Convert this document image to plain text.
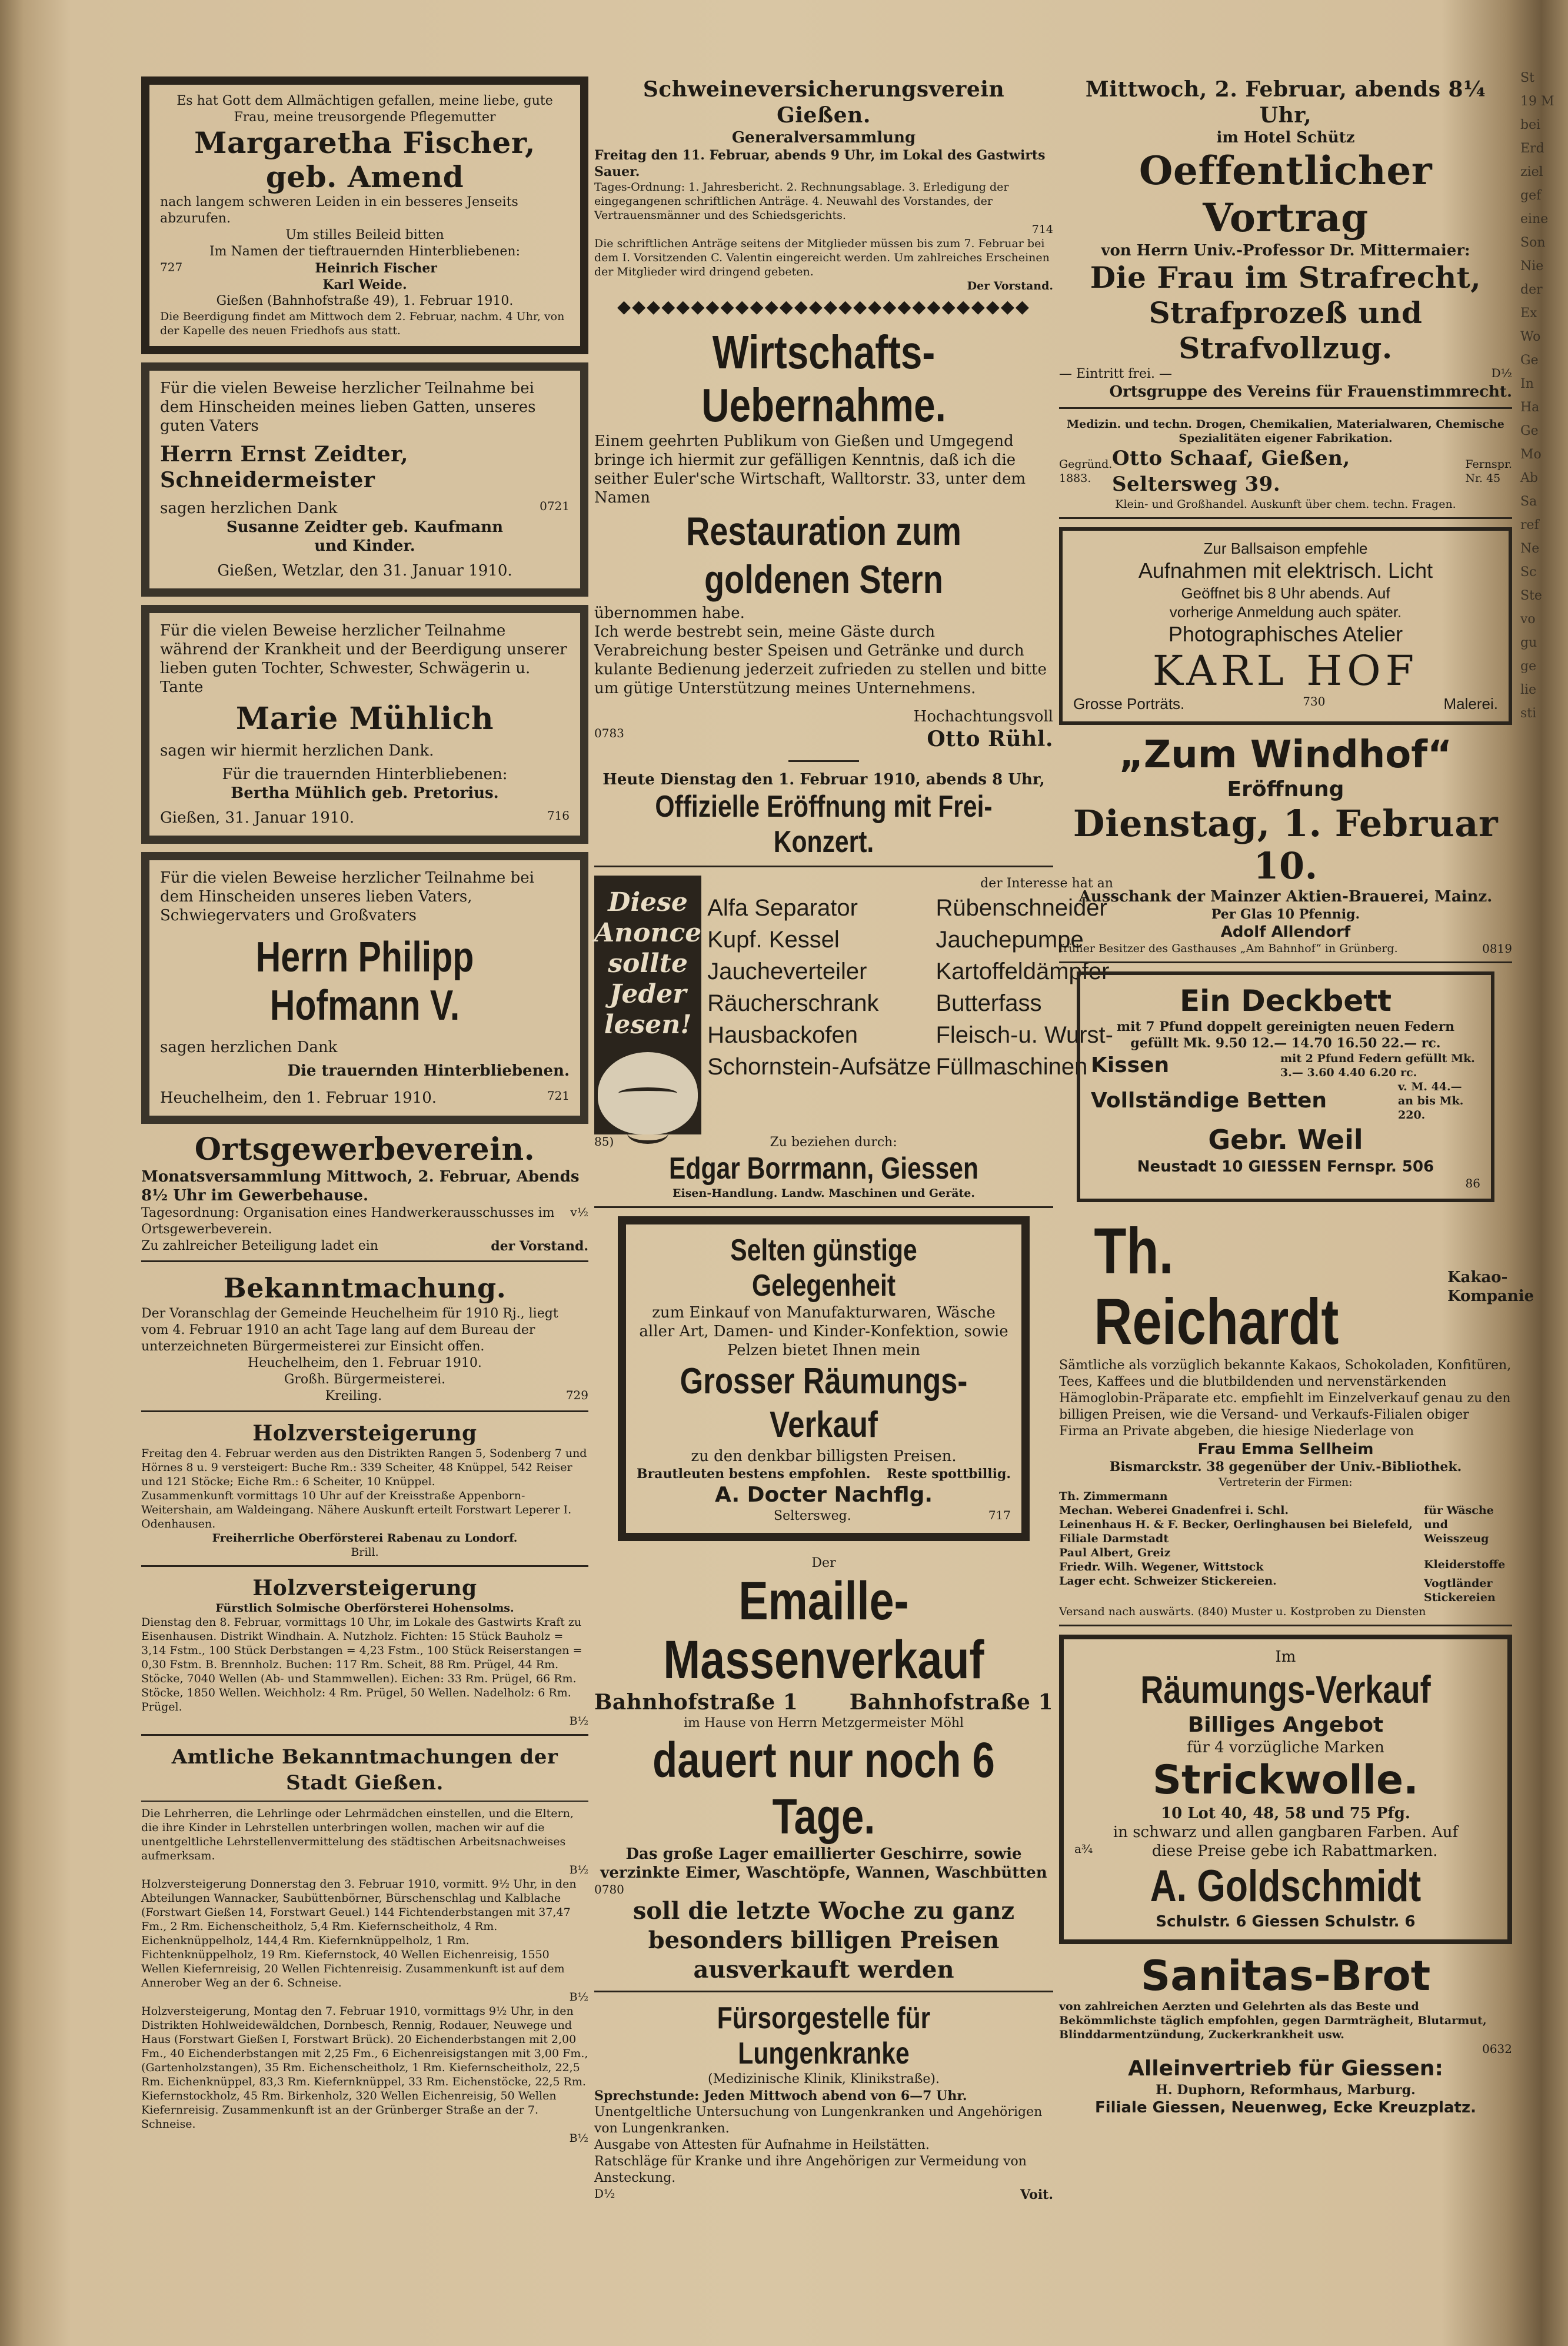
Es hat Gott dem Allmächtigen gefallen, meine liebe, gute Frau, meine treusorgende Pflegemutter

Margaretha Fischer, geb. Amend

nach langem schweren Leiden in ein besseres Jenseits abzurufen.

Um stilles Beileid bitten

Im Namen der tieftrauernden Hinterbliebenen:

727	Heinrich Fischer

Karl Weide.

Gießen (Bahnhofstraße 49), 1. Februar 1910.

Die Beerdigung findet am Mittwoch dem 2. Februar, nachm. 4 Uhr, von der Kapelle des neuen Friedhofs aus statt.

Für die vielen Beweise herzlicher Teilnahme bei dem Hinscheiden meines lieben Gatten, unseres guten Vaters

Herrn Ernst Zeidter, Schneidermeister

sagen herzlichen Dank	0721

Susanne Zeidter geb. Kaufmann

und Kinder.

Gießen, Wetzlar, den 31. Januar 1910.

Für die vielen Beweise herzlicher Teilnahme während der Krankheit und der Beerdigung unserer lieben guten Tochter, Schwester, Schwägerin u. Tante

Marie Mühlich

sagen wir hiermit herzlichen Dank.

Für die trauernden Hinterbliebenen:

Bertha Mühlich geb. Pretorius.

Gießen, 31. Januar 1910.	716

Für die vielen Beweise herzlicher Teilnahme bei dem Hinscheiden unseres lieben Vaters, Schwiegervaters und Großvaters

Herrn Philipp Hofmann V.

sagen herzlichen Dank

Die trauernden Hinterbliebenen.

Heuchelheim, den 1. Februar 1910.	721

Ortsgewerbeverein.

Monatsversammlung Mittwoch, 2. Februar, Abends 8½ Uhr im Gewerbehause.

Tagesordnung: Organisation eines Handwerkerausschusses im Ortsgewerbeverein.
v½
Zu zahlreicher Beteiligung ladet ein	der Vorstand.

Bekanntmachung.

Der Voranschlag der Gemeinde Heuchelheim für 1910 Rj., liegt vom 4. Februar 1910 an acht Tage lang auf dem Bureau der unterzeichneten Bürgermeisterei zur Einsicht offen.

Heuchelheim, den 1. Februar 1910.

Großh. Bürgermeisterei.

Kreiling.	729

Holzversteigerung

Freitag den 4. Februar werden aus den Distrikten Rangen 5, Sodenberg 7 und Hörnes 8 u. 9 versteigert: Buche Rm.: 339 Scheiter, 48 Knüppel, 542 Reiser und 121 Stöcke; Eiche Rm.: 6 Scheiter, 10 Knüppel.

Zusammenkunft vormittags 10 Uhr auf der Kreisstraße Appenborn-Weitershain, am Waldeingang. Nähere Auskunft erteilt Forstwart Leperer I. Odenhausen.

Freiherrliche Oberförsterei Rabenau zu Londorf.

Brill.

Holzversteigerung

Fürstlich Solmische Oberförsterei Hohensolms.

Dienstag den 8. Februar, vormittags 10 Uhr, im Lokale des Gastwirts Kraft zu Eisenhausen. Distrikt Windhain. A. Nutzholz. Fichten: 15 Stück Bauholz = 3,14 Fstm., 100 Stück Derbstangen = 4,23 Fstm., 100 Stück Reiserstangen = 0,30 Fstm. B. Brennholz. Buchen: 117 Rm. Scheit, 88 Rm. Prügel, 44 Rm. Stöcke, 7040 Wellen (Ab- und Stammwellen). Eichen: 33 Rm. Prügel, 66 Rm. Stöcke, 1850 Wellen. Weichholz: 4 Rm. Prügel, 50 Wellen. Nadelholz: 6 Rm. Prügel.

B½

Amtliche Bekanntmachungen der Stadt Gießen.

Die Lehrherren, die Lehrlinge oder Lehrmädchen einstellen, und die Eltern, die ihre Kinder in Lehrstellen unterbringen wollen, machen wir auf die unentgeltliche Lehrstellenvermittelung des städtischen Arbeitsnachweises aufmerksam.

B½

Holzversteigerung Donnerstag den 3. Februar 1910, vormitt. 9½ Uhr, in den Abteilungen Wannacker, Saubüttenbörner, Bürschenschlag und Kalblache (Forstwart Gießen 14, Forstwart Geuel.) 144 Fichtenderbstangen mit 37,47 Fm., 2 Rm. Eichenscheitholz, 5,4 Rm. Kiefernscheitholz, 4 Rm. Eichenknüppelholz, 144,4 Rm. Kiefernknüppelholz, 1 Rm. Fichtenknüppelholz, 19 Rm. Kiefernstock, 40 Wellen Eichenreisig, 1550 Wellen Kiefernreisig, 20 Wellen Fichtenreisig. Zusammenkunft ist auf dem Annerober Weg an der 6. Schneise.

B½

Holzversteigerung, Montag den 7. Februar 1910, vormittags 9½ Uhr, in den Distrikten Hohlweidewäldchen, Dornbesch, Rennig, Rodauer, Neuwege und Haus (Forstwart Gießen I, Forstwart Brück). 20 Eichenderbstangen mit 2,00 Fm., 40 Eichenderbstangen mit 2,25 Fm., 6 Eichenreisigstangen mit 3,00 Fm., (Gartenholzstangen), 35 Rm. Eichenscheitholz, 1 Rm. Kiefernscheitholz, 22,5 Rm. Eichenknüppel, 83,3 Rm. Kiefernknüppel, 33 Rm. Eichenstöcke, 22,5 Rm. Kiefernstockholz, 45 Rm. Birkenholz, 320 Wellen Eichenreisig, 50 Wellen Kiefernreisig. Zusammenkunft ist an der Grünberger Straße an der 7. Schneise.

B½

Schweineversicherungsverein Gießen.

Generalversammlung

Freitag den 11. Februar, abends 9 Uhr, im Lokal des Gastwirts Sauer.

Tages-Ordnung: 1. Jahresbericht. 2. Rechnungsablage. 3. Erledigung der eingegangenen schriftlichen Anträge. 4. Neuwahl des Vorstandes, der Vertrauensmänner und des Schiedsgerichts.

714

Die schriftlichen Anträge seitens der Mitglieder müssen bis zum 7. Februar bei dem I. Vorsitzenden C. Valentin eingereicht werden. Um zahlreiches Erscheinen der Mitglieder wird dringend gebeten.

Der Vorstand.

◆◆◆◆◆◆◆◆◆◆◆◆◆◆◆◆◆◆◆◆◆◆◆◆◆◆◆◆

Wirtschafts-Uebernahme.

Einem geehrten Publikum von Gießen und Umgegend bringe ich hiermit zur gefälligen Kenntnis, daß ich die seither Euler'sche Wirtschaft, Walltorstr. 33, unter dem Namen

Restauration zum goldenen Stern

übernommen habe.

Ich werde bestrebt sein, meine Gäste durch Verabreichung bester Speisen und Getränke und durch kulante Bedienung jederzeit zufrieden zu stellen und bitte um gütige Unterstützung meines Unternehmens.

Hochachtungsvoll

0783	Otto Rühl.

Heute Dienstag den 1. Februar 1910, abends 8 Uhr,

Offizielle Eröffnung mit Frei-Konzert.

Diese Anonce sollte Jeder lesen!

der Interesse hat an

Alfa Separator	Rübenschneider
Kupf. Kessel	Jauchepumpe
Jaucheverteiler	Kartoffeldämpfer
Räucherschrank	Butterfass
Hausbackofen	Fleisch-u. Wurst-
Schornstein-Aufsätze Füllmaschinen
85)	Zu beziehen durch:

Edgar Borrmann, Giessen

Eisen-Handlung. Landw. Maschinen und Geräte.

Selten günstige Gelegenheit

zum Einkauf von Manufakturwaren, Wäsche aller Art, Damen- und Kinder-Konfektion, sowie Pelzen bietet Ihnen mein

Grosser Räumungs-Verkauf

zu den denkbar billigsten Preisen.

Brautleuten bestens empfohlen. Reste spottbillig.

A. Docter Nachflg.

Seltersweg.	717

Der

Emaille-Massenverkauf

Bahnhofstraße 1 Bahnhofstraße 1

im Hause von Herrn Metzgermeister Möhl

dauert nur noch 6 Tage.

Das große Lager emaillierter Geschirre, sowie verzinkte Eimer, Waschtöpfe, Wannen, Waschbütten

0780

soll die letzte Woche zu ganz besonders billigen Preisen ausverkauft werden

Fürsorgestelle für Lungenkranke

(Medizinische Klinik, Klinikstraße).

Sprechstunde: Jeden Mittwoch abend von 6—7 Uhr.

Unentgeltliche Untersuchung von Lungenkranken und Angehörigen von Lungenkranken.

Ausgabe von Attesten für Aufnahme in Heilstätten.

Ratschläge für Kranke und ihre Angehörigen zur Vermeidung von Ansteckung.

D½	Voit.

Mittwoch, 2. Februar, abends 8¼ Uhr,

im Hotel Schütz

Oeffentlicher Vortrag

von Herrn Univ.-Professor Dr. Mittermaier:

Die Frau im Strafrecht, Strafprozeß und Strafvollzug.

— Eintritt frei. —	D½

Ortsgruppe des Vereins für Frauenstimmrecht.

Medizin. und techn. Drogen, Chemikalien, Materialwaren, Chemische Spezialitäten eigener Fabrikation.

Gegründ. 1883.
Otto Schaaf, Gießen, Seltersweg 39.
Fernspr. Nr. 45

Klein- und Großhandel. Auskunft über chem. techn. Fragen.

Zur Ballsaison empfehle

Aufnahmen mit elektrisch. Licht

Geöffnet bis 8 Uhr abends. Auf

vorherige Anmeldung auch später.

Photographisches Atelier

KARL HOF

Grosse Porträts.	730	Malerei.

„Zum Windhof“

Eröffnung

Dienstag, 1. Februar 10.

Ausschank der Mainzer Aktien-Brauerei, Mainz.

Per Glas 10 Pfennig.

Adolf Allendorf

früher Besitzer des Gasthauses „Am Bahnhof“ in Grünberg.	0819

Ein Deckbett

mit 7 Pfund doppelt gereinigten neuen Federn gefüllt Mk. 9.50 12.— 14.70 16.50 22.— rc.

Kissen	mit 2 Pfund Federn gefüllt Mk. 3.— 3.60 4.40 6.20 rc.
Vollständige Betten
v. M. 44.— an bis Mk. 220.

Gebr. Weil

Neustadt 10 GIESSEN Fernspr. 506

86

Th. Reichardt
Kakao-Kompanie

Sämtliche als vorzüglich bekannte Kakaos, Schokoladen, Konfitüren, Tees, Kaffees und die blutbildenden und nervenstärkenden Hämoglobin-Präparate etc. empfiehlt im Einzelverkauf genau zu den billigen Preisen, wie die Versand- und Verkaufs-Filialen obiger Firma an Private abgeben, die hiesige Niederlage von

Frau Emma Sellheim

Bismarckstr. 38 gegenüber der Univ.-Bibliothek.

Vertreterin der Firmen:

Th. Zimmermann

Mechan. Weberei Gnadenfrei i. Schl.

Leinenhaus H. & F. Becker, Oerlinghausen bei Bielefeld, Filiale Darmstadt

Paul Albert, Greiz

Friedr. Wilh. Wegener, Wittstock

Lager echt. Schweizer Stickereien.

für Wäsche und Weisszeug

Kleiderstoffe

Vogtländer Stickereien

Versand nach auswärts. (840) Muster u. Kostproben zu Diensten

Im

Räumungs-Verkauf

Billiges Angebot

für 4 vorzügliche Marken

Strickwolle.

10 Lot 40, 48, 58 und 75 Pfg.

in schwarz und allen gangbaren Farben. Auf

a¾	diese Preise gebe ich Rabattmarken.

A. Goldschmidt

Schulstr. 6 Giessen Schulstr. 6

Sanitas-Brot

von zahlreichen Aerzten und Gelehrten als das Beste und Bekömmlichste täglich empfohlen, gegen Darmträgheit, Blutarmut, Blinddarmentzündung, Zuckerkrankheit usw.

0632

Alleinvertrieb für Giessen:

H. Duphorn, Reformhaus, Marburg.

Filiale Giessen, Neuenweg, Ecke Kreuzplatz.

St

19 M

bei

Erd

ziel

gef

eine

Son

Nie

der

Ex

Wo

Ge

In

Ha

Ge

Mo

Ab

Sa

ref

Ne

Sc

Ste

vo

gu

ge

lie

sti
